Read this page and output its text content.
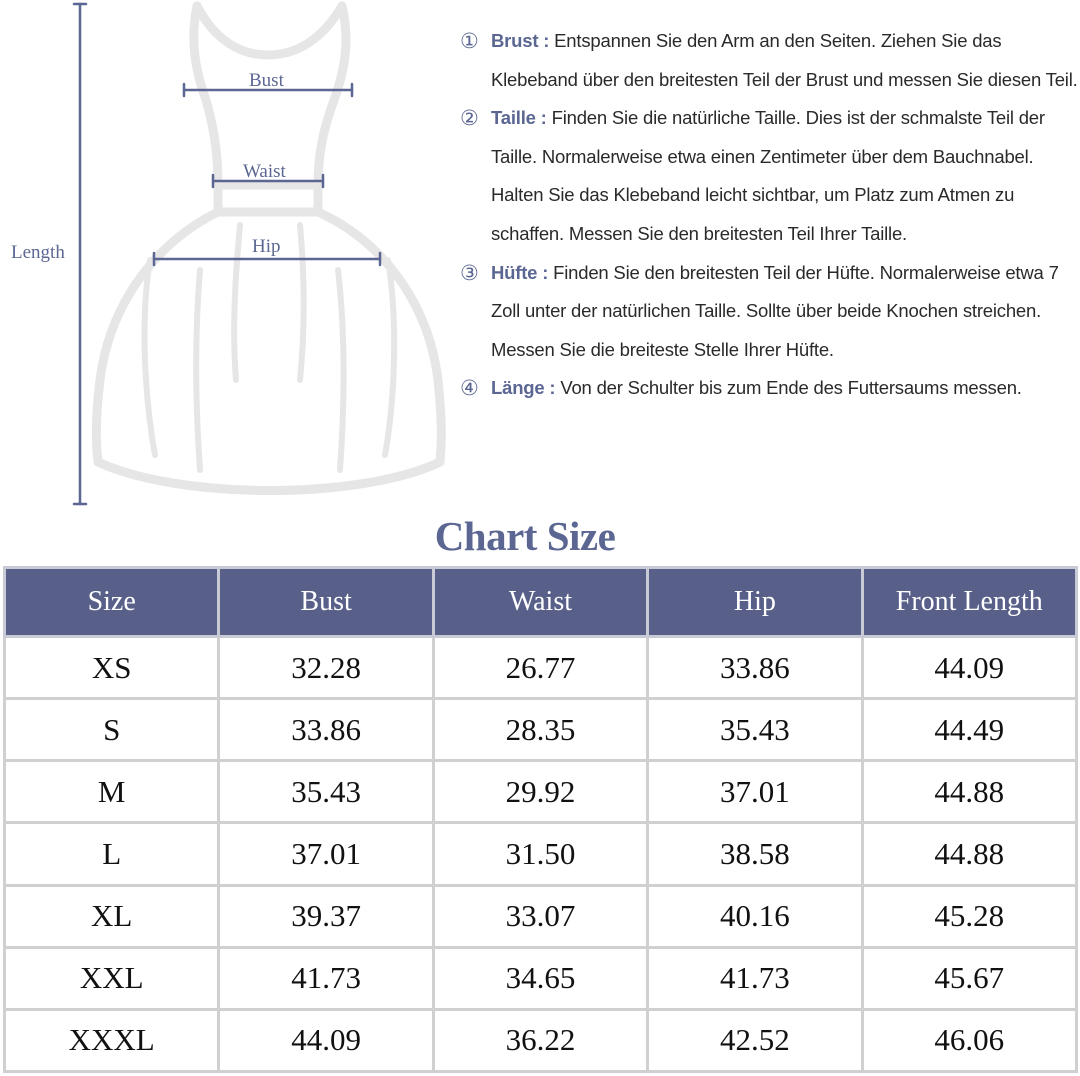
Bust
Waist
Hip
Length
① Brust : Entspannen Sie den Arm an den Seiten. Ziehen Sie das Klebeband über den breitesten Teil der Brust und messen Sie diesen Teil.
② Taille : Finden Sie die natürliche Taille. Dies ist der schmalste Teil der Taille. Normalerweise etwa einen Zentimeter über dem Bauchnabel. Halten Sie das Klebeband leicht sichtbar, um Platz zum Atmen zu schaffen. Messen Sie den breitesten Teil Ihrer Taille.
③ Hüfte : Finden Sie den breitesten Teil der Hüfte. Normalerweise etwa 7 Zoll unter der natürlichen Taille. Sollte über beide Knochen streichen. Messen Sie die breiteste Stelle Ihrer Hüfte.
④ Länge : Von der Schulter bis zum Ende des Futtersaums messen.
Chart Size
Size	Bust	Waist	Hip	Front Length
XS	32.28	26.77	33.86	44.09
S	33.86	28.35	35.43	44.49
M	35.43	29.92	37.01	44.88
L	37.01	31.50	38.58	44.88
XL	39.37	33.07	40.16	45.28
XXL	41.73	34.65	41.73	45.67
XXXL	44.09	36.22	42.52	46.06
